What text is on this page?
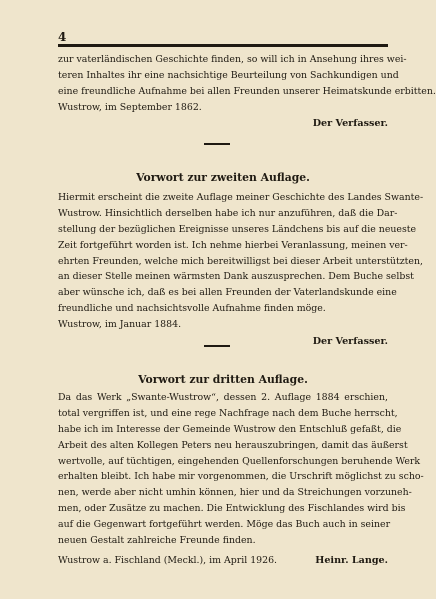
4
zur vaterländischen Geschichte finden, so will ich in Ansehung ihres wei-
teren Inhaltes ihr eine nachsichtige Beurteilung von Sachkundigen und
eine freundliche Aufnahme bei allen Freunden unserer Heimatskunde erbitten.
Wustrow, im September 1862.
Der Verfasser.
Vorwort zur zweiten Auflage.
Hiermit erscheint die zweite Auflage meiner Geschichte des Landes Swante-
Wustrow. Hinsichtlich derselben habe ich nur anzuführen, daß die Dar-
stellung der bezüglichen Ereignisse unseres Ländchens bis auf die neueste
Zeit fortgeführt worden ist. Ich nehme hierbei Veranlassung, meinen ver-
ehrten Freunden, welche mich bereitwilligst bei dieser Arbeit unterstützten,
an dieser Stelle meinen wärmsten Dank auszusprechen. Dem Buche selbst
aber wünsche ich, daß es bei allen Freunden der Vaterlandskunde eine
freundliche und nachsichtsvolle Aufnahme finden möge.
Wustrow, im Januar 1884.
Der Verfasser.
Vorwort zur dritten Auflage.
Da das Werk „Swante-Wustrow“, dessen 2. Auflage 1884 erschien,
total vergriffen ist, und eine rege Nachfrage nach dem Buche herrscht,
habe ich im Interesse der Gemeinde Wustrow den Entschluß gefaßt, die
Arbeit des alten Kollegen Peters neu herauszubringen, damit das äußerst
wertvolle, auf tüchtigen, eingehenden Quellenforschungen beruhende Werk
erhalten bleibt. Ich habe mir vorgenommen, die Urschrift möglichst zu scho-
nen, werde aber nicht umhin können, hier und da Streichungen vorzuneh-
men, oder Zusätze zu machen. Die Entwicklung des Fischlandes wird bis
auf die Gegenwart fortgeführt werden. Möge das Buch auch in seiner
neuen Gestalt zahlreiche Freunde finden.
Wustrow a. Fischland (Meckl.), im April 1926.	Heinr. Lange.
